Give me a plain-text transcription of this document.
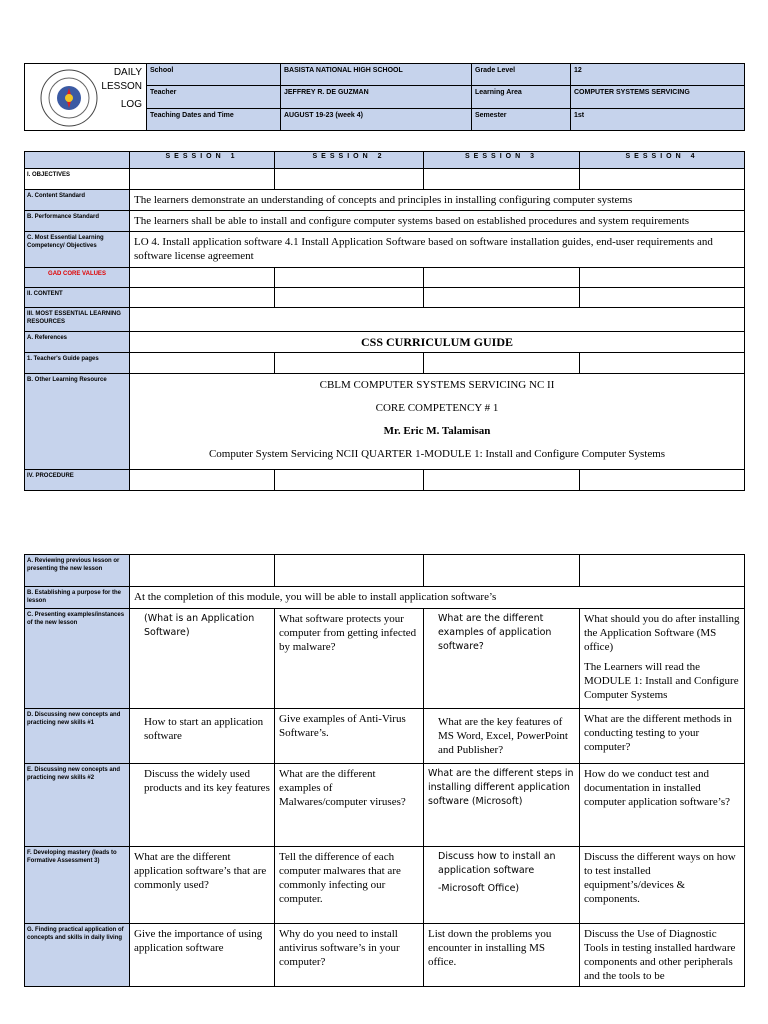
DAILY
LESSON
LOG	School	BASISTA NATIONAL HIGH SCHOOL	Grade Level	12
	Teacher	JEFFREY R. DE GUZMAN	Learning Area	COMPUTER SYSTEMS SERVICING
	Teaching Dates and Time	AUGUST 19-23 (week 4)	Semester	1st
	SESSION 1	SESSION 2	SESSION 3	SESSION 4
I. OBJECTIVES				
A. Content Standard	The learners demonstrate an understanding of concepts and principles in installing configuring computer systems			
B. Performance Standard	The learners shall be able to install and configure computer systems based on established procedures and system requirements			
C. Most Essential Learning Competency/ Objectives	LO 4. Install application software 4.1 Install Application Software based on software installation guides, end-user requirements and software license agreement			
GAD CORE VALUES				
II. CONTENT				
III. MOST ESSENTIAL LEARNING RESOURCES				
A. References	CSS CURRICULUM GUIDE			
1. Teacher's Guide pages				
B. Other Learning Resource	CBLM COMPUTER SYSTEMS SERVICING NC II
CORE COMPETENCY # 1
Mr. Eric M. Talamisan
Computer System Servicing NCII QUARTER 1-MODULE 1: Install and Configure Computer Systems			

IV. PROCEDURE				
A. Reviewing previous lesson or presenting the new lesson				
B. Establishing a purpose for the lesson	At the completion of this module, you will be able to install application software’s			
C. Presenting examples/instances of the new lesson	(What is an Application Software)	What software protects your computer from getting infected by malware?	What are the different examples of application software?	What should you do after installing the Application Software (MS office)
The Learners will read the MODULE 1: Install and Configure Computer Systems

D. Discussing new concepts and practicing new skills #1	How to start an application software	Give examples of Anti-Virus Software’s.	What are the key features of MS Word, Excel, PowerPoint and Publisher?	What are the different methods in conducting testing to your computer?
E. Discussing new concepts and practicing new skills #2	Discuss the widely used products and its key features	What are the different examples of Malwares/computer viruses?	What are the different steps in installing different application software (Microsoft)	How do we conduct test and documentation in installed computer application software’s?
F. Developing mastery (leads to Formative Assessment 3)	What are the different application software’s that are commonly used?	Tell the difference of each computer malwares that are commonly infecting our computer.	Discuss how to install an application software
-Microsoft Office)	Discuss the different ways on how to test installed equipment’s/devices & components.
G. Finding practical application of concepts and skills in daily living	Give the importance of using application software	Why do you need to install antivirus software’s in your computer?	List down the problems you encounter in installing MS office.	Discuss the Use of Diagnostic Tools in testing installed hardware components and other peripherals and the tools to be
